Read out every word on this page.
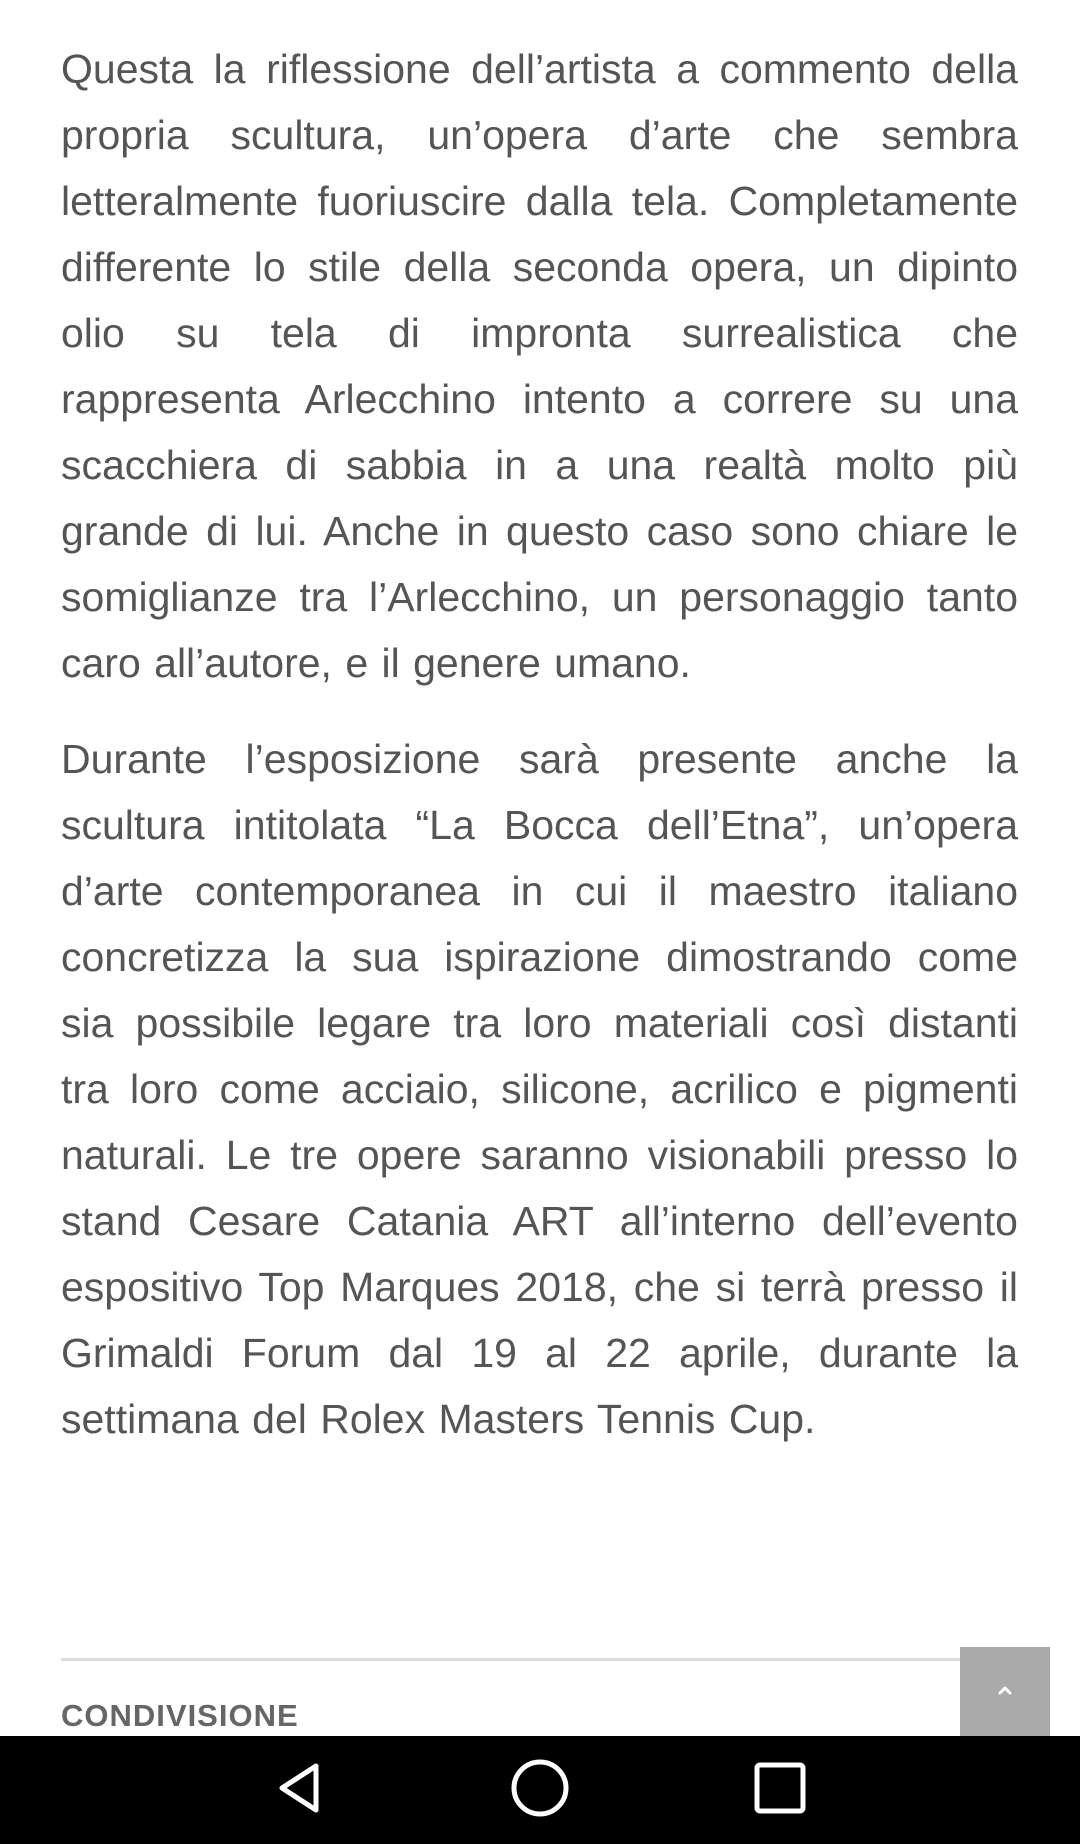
Questa la riflessione dell’artista a commento della propria scultura, un’opera d’arte che sembra letteralmente fuoriuscire dalla tela. Completamente differente lo stile della seconda opera, un dipinto olio su tela di impronta surrealistica che rappresenta Arlecchino intento a correre su una scacchiera di sabbia in a una realtà molto più grande di lui. Anche in questo caso sono chiare le somiglianze tra l’Arlecchino, un personaggio tanto caro all’autore, e il genere umano.

Durante l’esposizione sarà presente anche la scultura intitolata “La Bocca dell’Etna”, un’opera d’arte contemporanea in cui il maestro italiano concretizza la sua ispirazione dimostrando come sia possibile legare tra loro materiali così distanti tra loro come acciaio, silicone, acrilico e pigmenti naturali. Le tre opere saranno visionabili presso lo stand Cesare Catania ART all’interno dell’evento espositivo Top Marques 2018, che si terrà presso il Grimaldi Forum dal 19 al 22 aprile, durante la settimana del Rolex Masters Tennis Cup.

CONDIVISIONE
